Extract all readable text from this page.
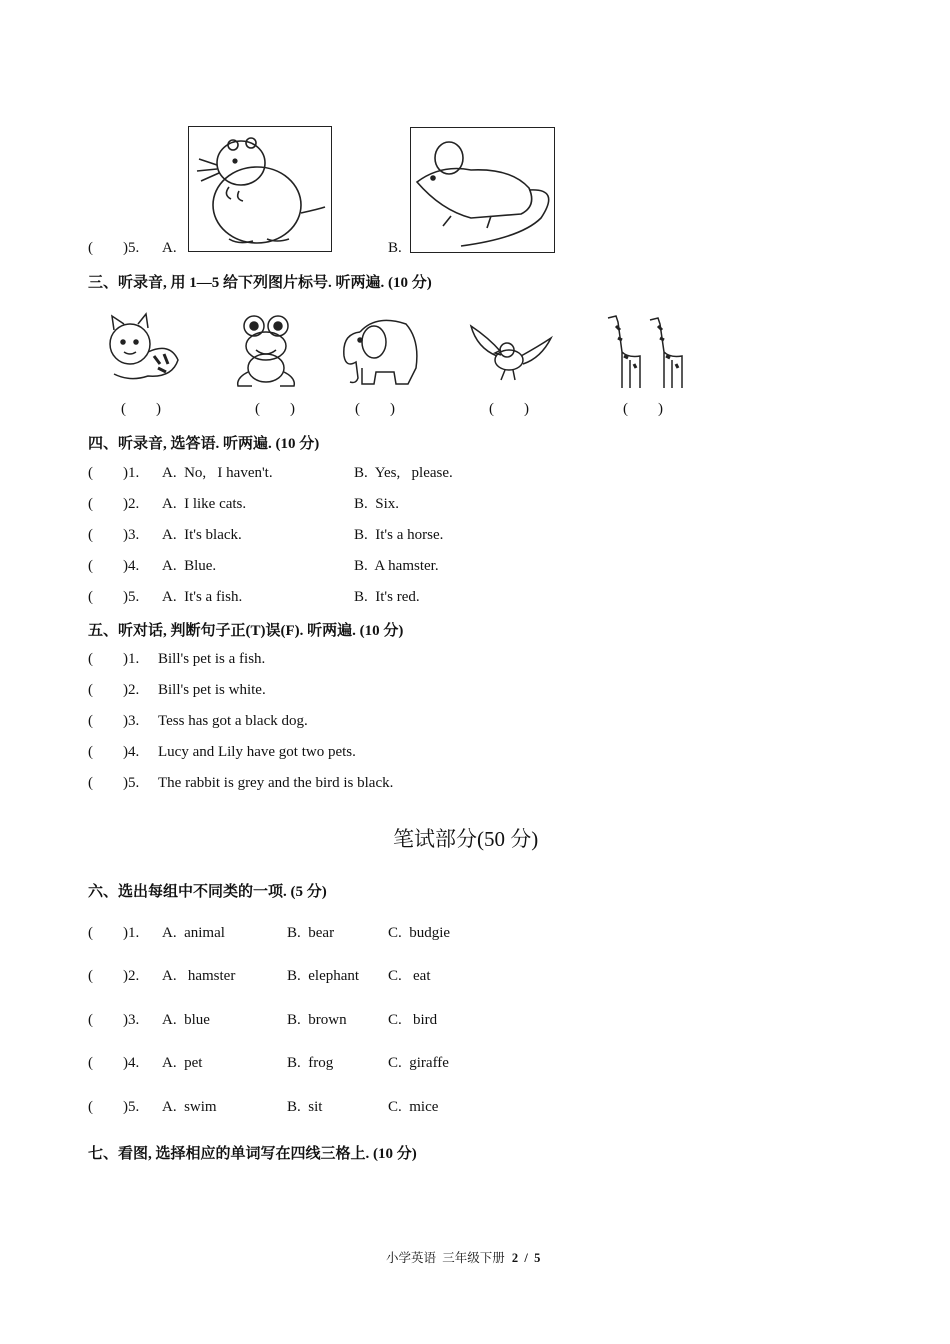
(        )5. A.	B.
三、听录音, 用 1—5 给下列图片标号. 听两遍. (10 分)
(        )	(        )	(        )	(        )	(        )
四、听录音, 选答语. 听两遍. (10 分)
(        )1. A.  No,   I haven't.	B.  Yes,   please.
(        )2. A.  I like cats.	B.  Six.
(        )3. A.  It's black.	B.  It's a horse.
(        )4. A.  Blue.	B.  A hamster.
(        )5. A.  It's a fish.	B.  It's red.
五、听对话, 判断句子正(T)误(F). 听两遍. (10 分)
(        )1. Bill's pet is a fish.
(        )2. Bill's pet is white.
(        )3. Tess has got a black dog.
(        )4. Lucy and Lily have got two pets.
(        )5. The rabbit is grey and the bird is black.
笔试部分(50 分)
六、选出每组中不同类的一项. (5 分)
(        )1. A.  animal	B.  bear	C.  budgie
(        )2. A.   hamster	B.  elephant C.   eat
(        )3. A.  blue	B.  brown	C.   bird
(        )4. A.  pet	B.  frog	C.  giraffe
(        )5. A.  swim	B.  sit	C.  mice
七、看图, 选择相应的单词写在四线三格上. (10 分)
小学英语  三年级下册 2  /  5
